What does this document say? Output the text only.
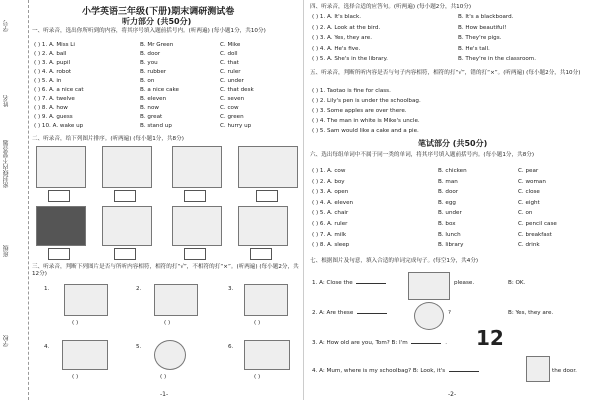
学号
姓名
密封线内不要答题
班级
学校
小学英语三年级(下册)期末调研测试卷
听力部分 (共50分)
一、听录音，选出你所听到的内容，将其序号填入题前括号内。(听两遍) (每小题1分，共10分)
( ) 1. A. Miss Li	B. Mr Green	C. Mike
( ) 2. A. ball	B. door	C. doll
( ) 3. A. pupil	B. you	C. that
( ) 4. A. robot	B. rubber	C. ruler
( ) 5. A. in	B. on	C. under
( ) 6. A. a nice cat	B. a nice cake	C. that desk
( ) 7. A. twelve	B. eleven	C. seven
( ) 8. A. how	B. now	C. cow
( ) 9. A. guess	B. great	C. green
( ) 10. A. wake up	B. stand up	C. hurry up
二、听录音，给下列图片排序。(听两遍) (每小题1分，共8分)
三、听录音，判断下列图片是否与所听内容相符，相符的打“√”，不相符的打“×”。(听两遍) (每小题2分，共12分)
1.	2.	3.
( )	( )	( )
4.	5.	6.
( )	( )	( )
-1-
四、听录音，选择合适的应答句。(听两遍) (每小题2分，共10分)
( ) 1. A. It's black.	B. It's a blackboard.
( ) 2. A. Look at the bird.	B. How beautiful!
( ) 3. A. Yes, they are.	B. They're pigs.
( ) 4. A. He's five.	B. He's tall.
( ) 5. A. She's in the library.	B. They're in the classroom.
五、听录音，判断所听内容是否与句子内容相符，相符的打“√”，错的打“×”。(听两遍) (每小题2分，共10分)
( ) 1. Taotao is fine for class.
( ) 2. Lily's pen is under the schoolbag.
( ) 3. Some apples are over there.
( ) 4. The man in white is Mike's uncle.
( ) 5. Sam would like a cake and a pie.
笔试部分 (共50分)
六、选出每组单词中不属于同一类的单词，将其序号填入题前括号内。(每小题1分，共8分)
( ) 1. A. cow	B. chicken	C. pear
( ) 2. A. boy	B. man	C. woman
( ) 3. A. open	B. door	C. close
( ) 4. A. eleven	B. egg	C. eight
( ) 5. A. chair	B. under	C. on
( ) 6. A. ruler	B. box	C. pencil case
( ) 7. A. milk	B. lunch	C. breakfast
( ) 8. A. sleep	B. library	C. drink
七、根据图片及句意，填入合适的单词完成句子。(每空1分，共4分)
1. A: Close the	please.	B: OK.
2. A: Are these	?	B: Yes, they are.
3. A: How old are you, Tom? B: I'm	. 12
4. A: Mum, where is my schoolbag? B: Look, it's	the door.
-2-
